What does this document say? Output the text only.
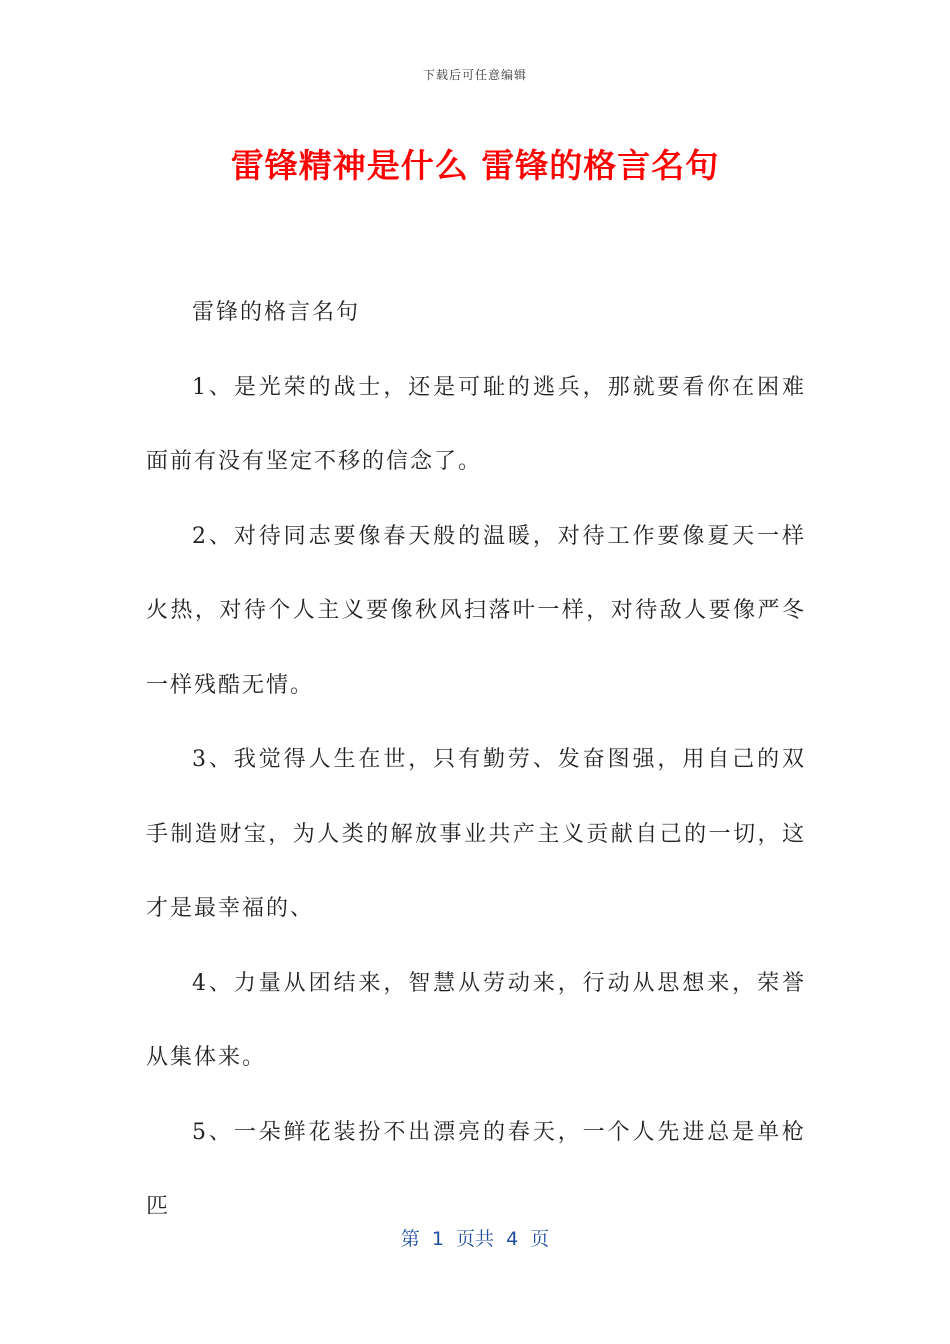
下载后可任意编辑
雷锋精神是什么 雷锋的格言名句

雷锋的格言名句

1、是光荣的战士，还是可耻的逃兵，那就要看你在困难面前有没有坚定不移的信念了。

2、对待同志要像春天般的温暖，对待工作要像夏天一样火热，对待个人主义要像秋风扫落叶一样，对待敌人要像严冬一样残酷无情。

3、我觉得人生在世，只有勤劳、发奋图强，用自己的双手制造财宝，为人类的解放事业共产主义贡献自己的一切，这才是最幸福的、

4、力量从团结来，智慧从劳动来，行动从思想来，荣誉从集体来。

5、一朵鲜花装扮不出漂亮的春天，一个人先进总是单枪匹

第  1  页共  4  页
